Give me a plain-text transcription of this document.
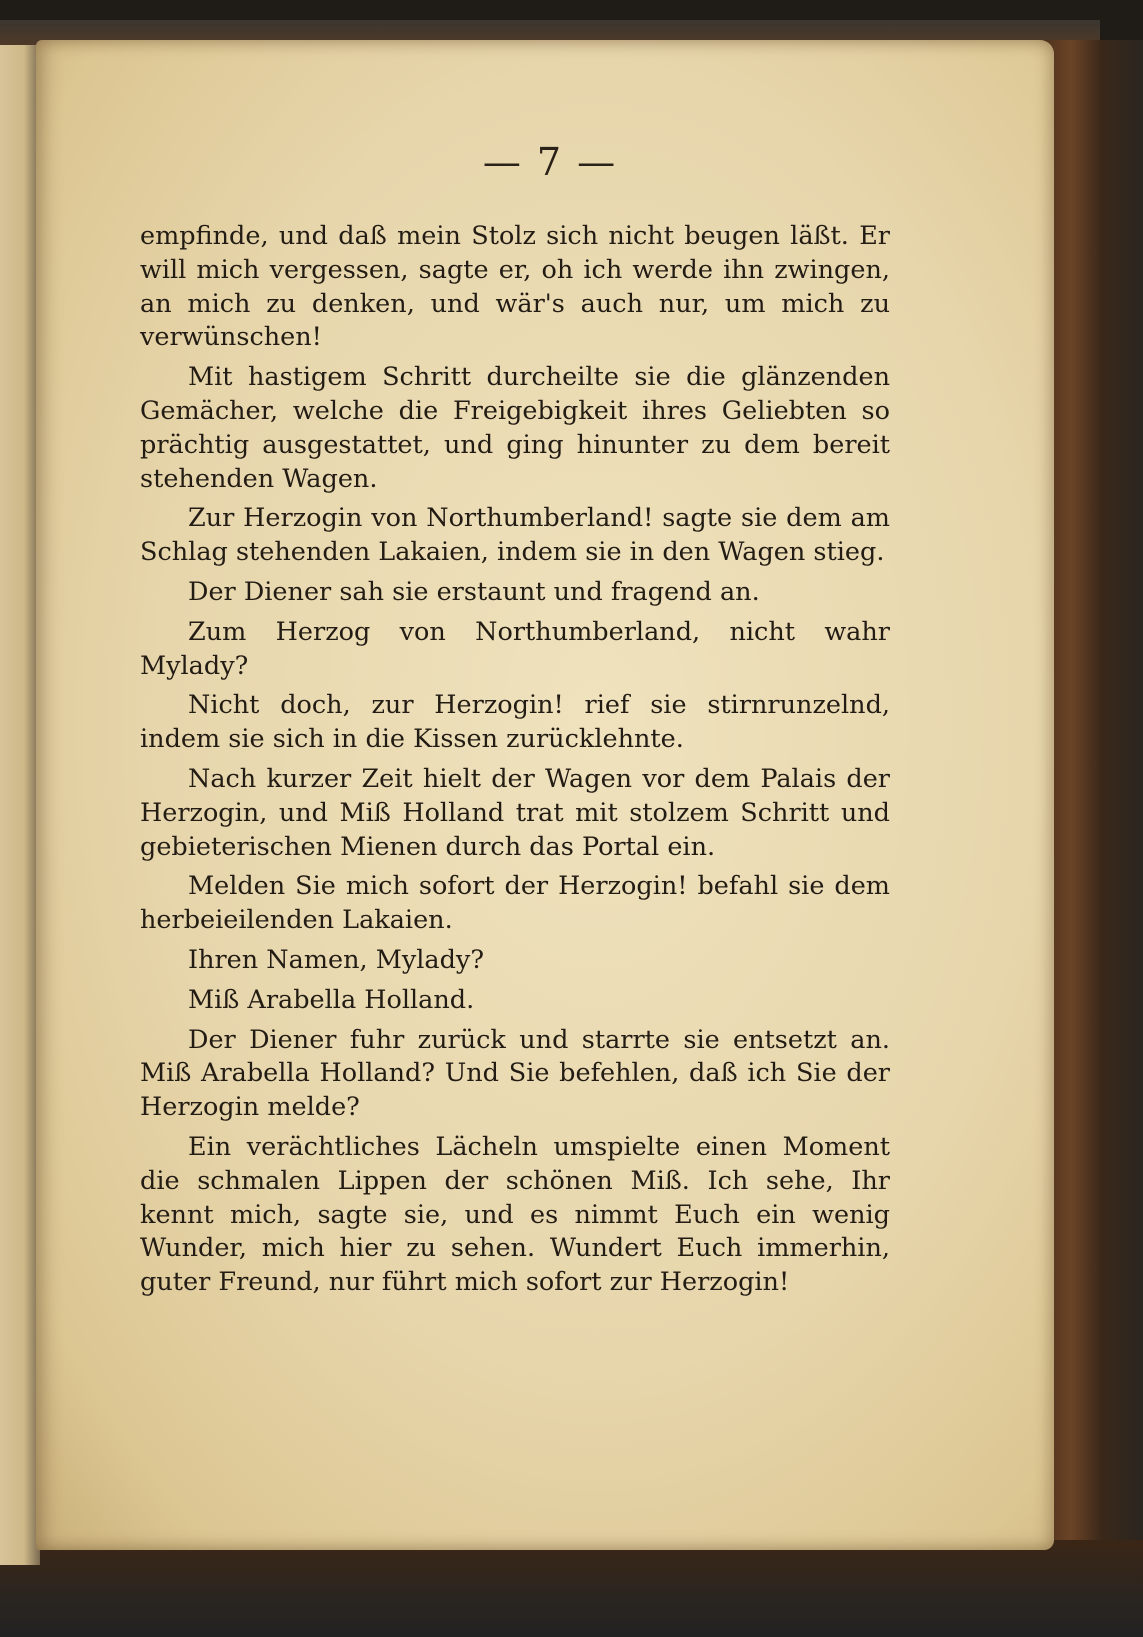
— 7 —

empfinde, und daß mein Stolz sich nicht beugen läßt. Er will mich vergessen, sagte er, oh ich werde ihn zwingen, an mich zu denken, und wär's auch nur, um mich zu verwünschen!

Mit hastigem Schritt durcheilte sie die glänzenden Gemächer, welche die Freigebigkeit ihres Geliebten so prächtig ausgestattet, und ging hinunter zu dem bereit stehenden Wagen.

Zur Herzogin von Northumberland! sagte sie dem am Schlag stehenden Lakaien, indem sie in den Wagen stieg.

Der Diener sah sie erstaunt und fragend an.

Zum Herzog von Northumberland, nicht wahr Mylady?

Nicht doch, zur Herzogin! rief sie stirnrunzelnd, indem sie sich in die Kissen zurücklehnte.

Nach kurzer Zeit hielt der Wagen vor dem Palais der Herzogin, und Miß Holland trat mit stolzem Schritt und gebieterischen Mienen durch das Portal ein.

Melden Sie mich sofort der Herzogin! befahl sie dem herbeieilenden Lakaien.

Ihren Namen, Mylady?

Miß Arabella Holland.

Der Diener fuhr zurück und starrte sie entsetzt an. Miß Arabella Holland? Und Sie befehlen, daß ich Sie der Herzogin melde?

Ein verächtliches Lächeln umspielte einen Moment die schmalen Lippen der schönen Miß. Ich sehe, Ihr kennt mich, sagte sie, und es nimmt Euch ein wenig Wunder, mich hier zu sehen. Wundert Euch immerhin, guter Freund, nur führt mich sofort zur Herzogin!
